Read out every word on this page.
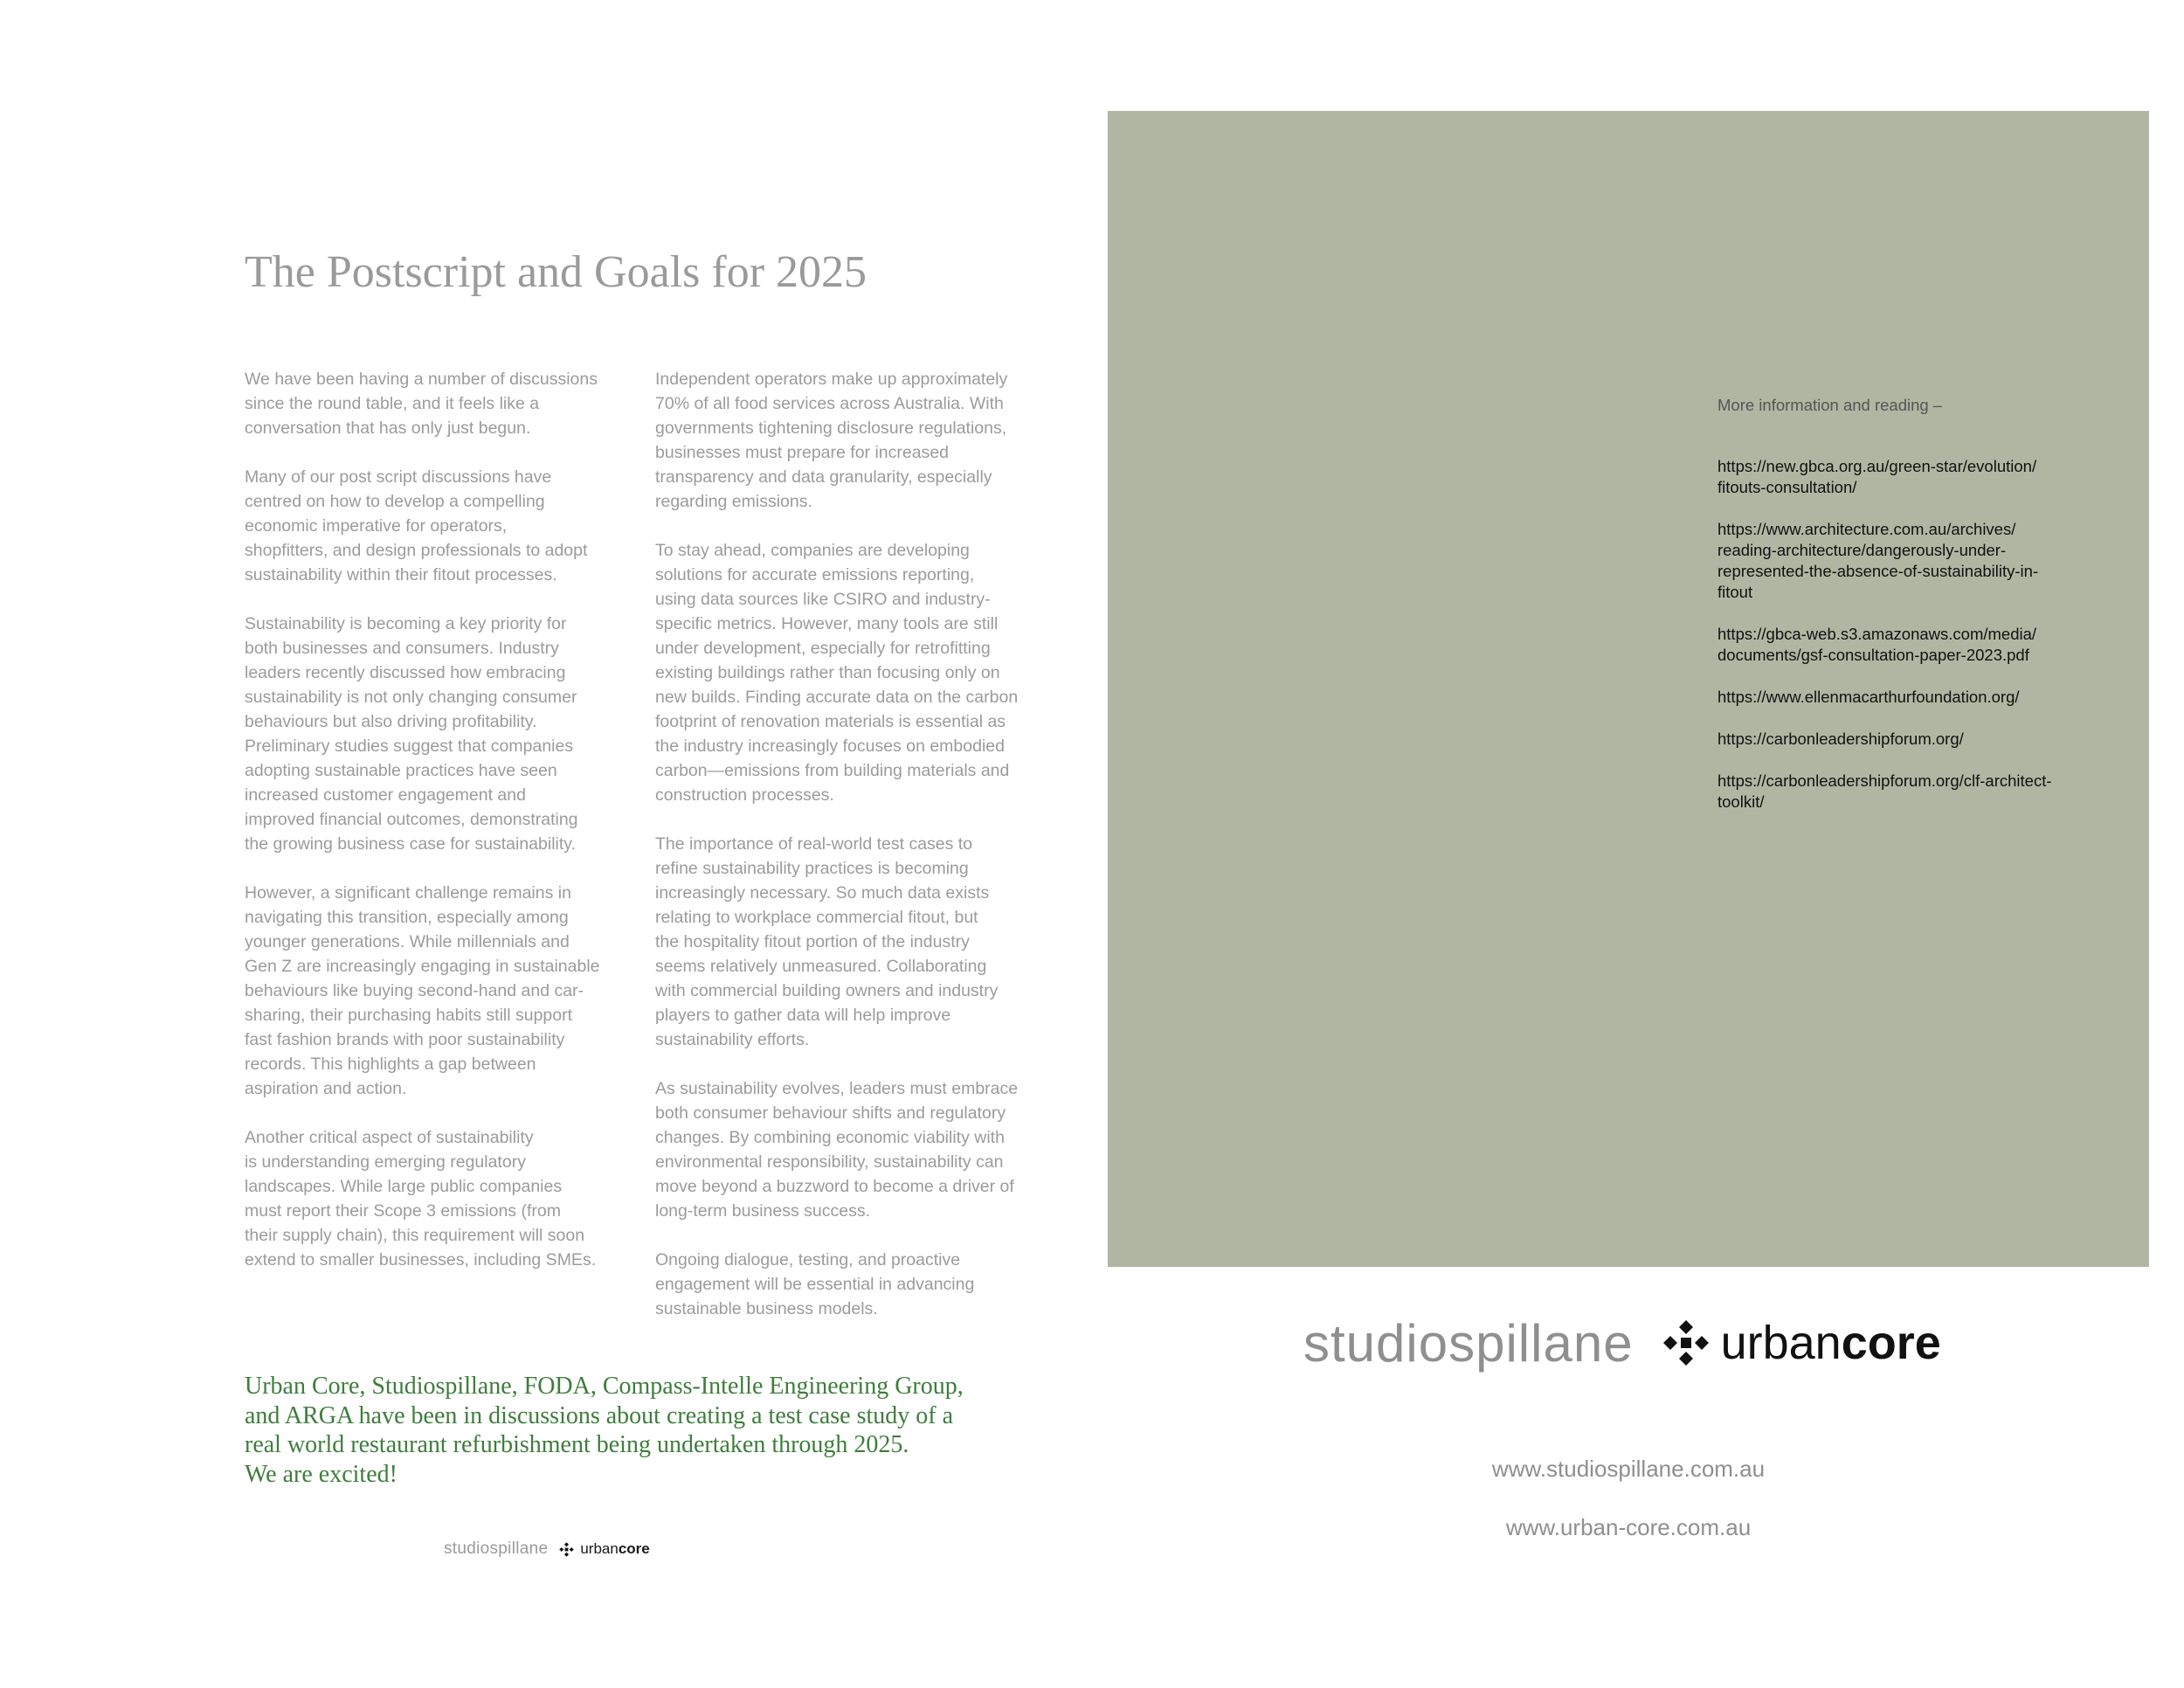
The Postscript and Goals for 2025

We have been having a number of discussions
since the round table, and it feels like a
conversation that has only just begun.

Many of our post script discussions have
centred on how to develop a compelling
economic imperative for operators,
shopfitters, and design professionals to adopt
sustainability within their fitout processes.

Sustainability is becoming a key priority for
both businesses and consumers. Industry
leaders recently discussed how embracing
sustainability is not only changing consumer
behaviours but also driving profitability.
Preliminary studies suggest that companies
adopting sustainable practices have seen
increased customer engagement and
improved financial outcomes, demonstrating
the growing business case for sustainability.

However, a significant challenge remains in
navigating this transition, especially among
younger generations. While millennials and
Gen Z are increasingly engaging in sustainable
behaviours like buying second-hand and car-
sharing, their purchasing habits still support
fast fashion brands with poor sustainability
records. This highlights a gap between
aspiration and action.

Another critical aspect of sustainability
is understanding emerging regulatory
landscapes. While large public companies
must report their Scope 3 emissions (from
their supply chain), this requirement will soon
extend to smaller businesses, including SMEs.

Independent operators make up approximately
70% of all food services across Australia. With
governments tightening disclosure regulations,
businesses must prepare for increased
transparency and data granularity, especially
regarding emissions.

To stay ahead, companies are developing
solutions for accurate emissions reporting,
using data sources like CSIRO and industry-
specific metrics. However, many tools are still
under development, especially for retrofitting
existing buildings rather than focusing only on
new builds. Finding accurate data on the carbon
footprint of renovation materials is essential as
the industry increasingly focuses on embodied
carbon—emissions from building materials and
construction processes.

The importance of real-world test cases to
refine sustainability practices is becoming
increasingly necessary. So much data exists
relating to workplace commercial fitout, but
the hospitality fitout portion of the industry
seems relatively unmeasured. Collaborating
with commercial building owners and industry
players to gather data will help improve
sustainability efforts.

As sustainability evolves, leaders must embrace
both consumer behaviour shifts and regulatory
changes. By combining economic viability with
environmental responsibility, sustainability can
move beyond a buzzword to become a driver of
long-term business success.

Ongoing dialogue, testing, and proactive
engagement will be essential in advancing
sustainable business models.

Urban Core, Studiospillane, FODA, Compass-Intelle Engineering Group,
and ARGA have been in discussions about creating a test case study of a
real world restaurant refurbishment being undertaken through 2025.
We are excited!

studiospillane urbancore

More information and reading –

https://new.gbca.org.au/green-star/evolution/
fitouts-consultation/

https://www.architecture.com.au/archives/
reading-architecture/dangerously-under-
represented-the-absence-of-sustainability-in-
fitout

https://gbca-web.s3.amazonaws.com/media/
documents/gsf-consultation-paper-2023.pdf

https://www.ellenmacarthurfoundation.org/

https://carbonleadershipforum.org/

https://carbonleadershipforum.org/clf-architect-
toolkit/

studiospillane urbancore
www.studiospillane.com.au
www.urban-core.com.au
